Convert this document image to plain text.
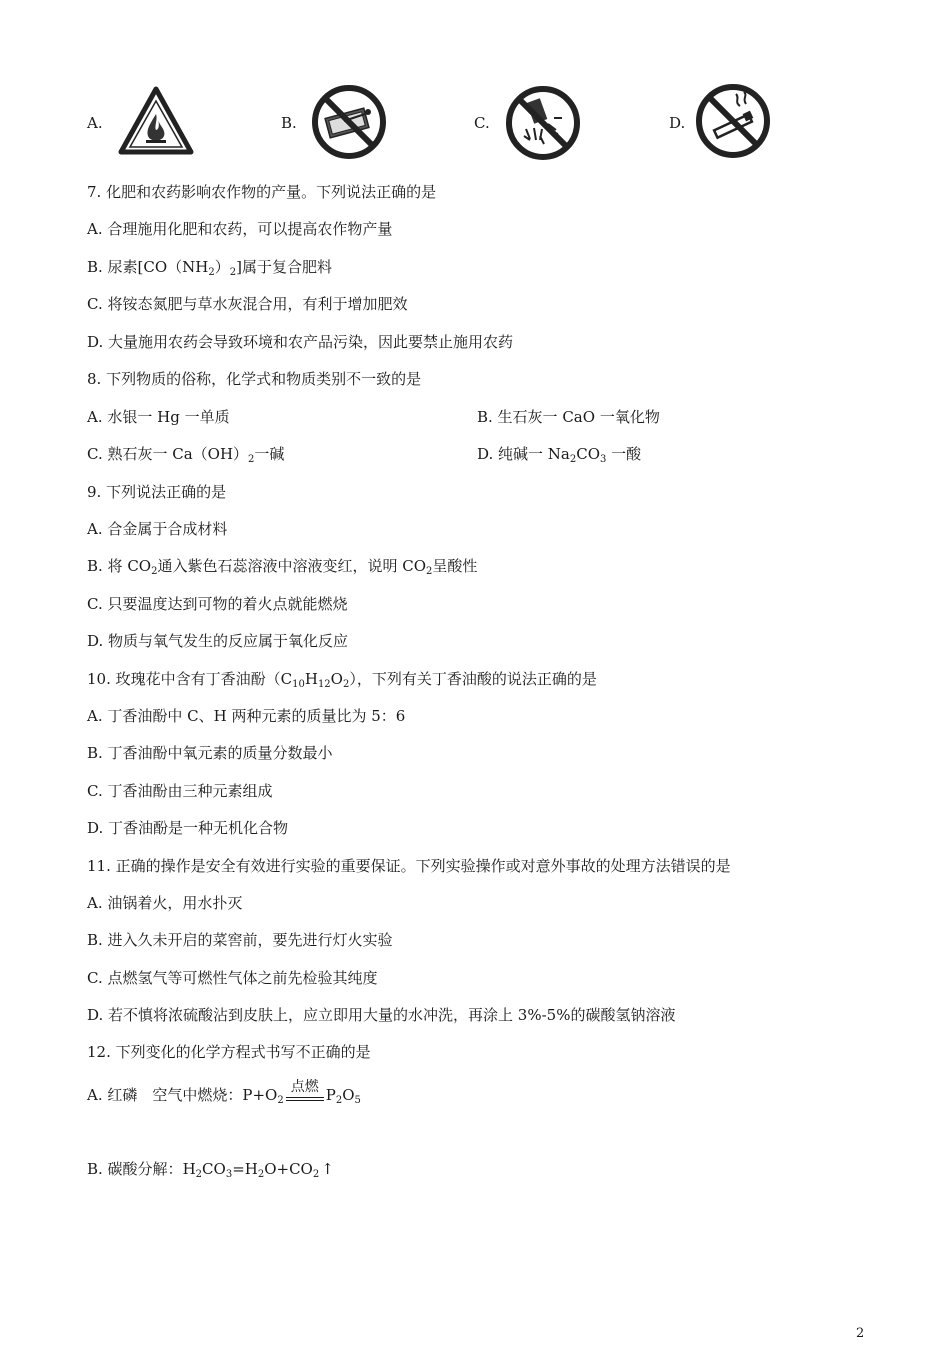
A.	B.	C.	D.
7. 化肥和农药影响农作物的产量。下列说法正确的是
A. 合理施用化肥和农药，可以提高农作物产量
B. 尿素$[CO(NH_2)_2]$属于复合肥料
C. 将铵态氮肥与草水灰混合用，有利于增加肥效
D. 大量施用农药会导致环境和农产品污染，因此要禁止施用农药
8. 下列物质的俗称，化学式和物质类别不一致的是
A. 水银一 Hg 一单质	B. 生石灰一 CaO 一氧化物
C. 熟石灰一 $Ca(OH)_2$一碱	D. 纯碱一 $Na_2CO_3$ 一酸
9. 下列说法正确的是
A. 合金属于合成材料
B. 将 $CO_2$通入紫色石蕊溶液中溶液变红，说明 $CO_2$呈酸性
C. 只要温度达到可物的着火点就能燃烧
D. 物质与氧气发生的反应属于氧化反应
10. 玫瑰花中含有丁香油酚$(C_{10}H_{12}O_2)$，下列有关丁香油酸的说法正确的是
A. 丁香油酚中 C、H 两种元素的质量比为 5：6
B. 丁香油酚中氧元素的质量分数最小
C. 丁香油酚由三种元素组成
D. 丁香油酚是一种无机化合物
11. 正确的操作是安全有效进行实验的重要保证。下列实验操作或对意外事故的处理方法错误的是
A. 油锅着火，用水扑灭
B. 进入久未开启的菜窖前，要先进行灯火实验
C. 点燃氢气等可燃性气体之前先检验其纯度
D. 若不慎将浓硫酸沾到皮肤上，应立即用大量的水冲洗，再涂上 3%-5%的碳酸氢钠溶液
12. 下列变化的化学方程式书写不正确的是
A. 红磷　空气中燃烧：$P+O_2$
点燃 $P_2O_5$
B. 碳酸分解：$H_2CO_3=H_2O+CO_2$ ↑
2
